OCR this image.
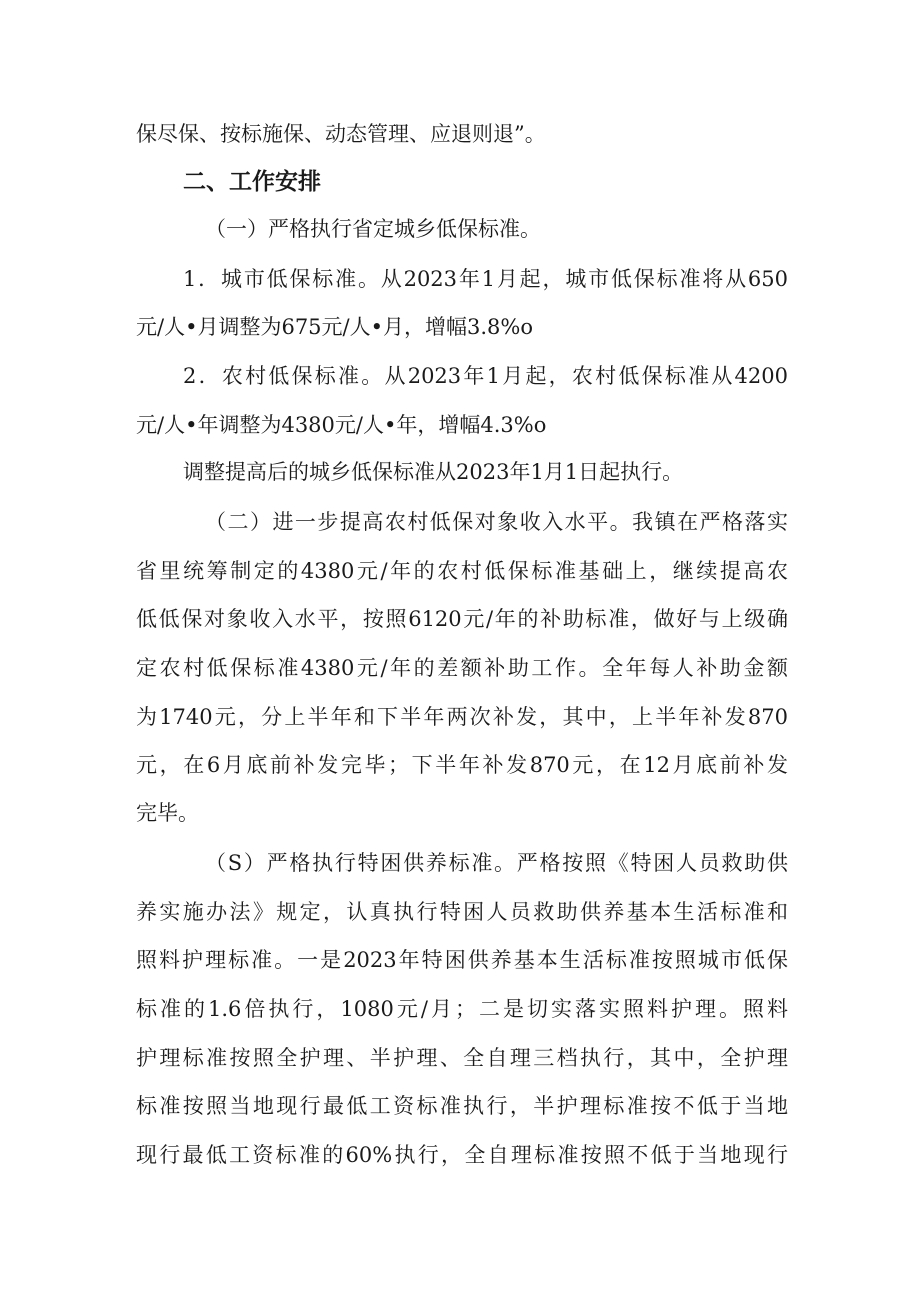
保尽保、按标施保、动态管理、应退则退”。
二、工作安排
（一）严格执行省定城乡低保标准。
1．城市低保标准。从2023年1月起，城市低保标准将从650
元/人•月调整为675元/人•月，增幅3.8%o
2．农村低保标准。从2023年1月起，农村低保标准从4200
元/人•年调整为4380元/人•年，增幅4.3%o
调整提高后的城乡低保标准从2023年1月1日起执行。
（二）进一步提高农村低保对象收入水平。我镇在严格落实
省里统筹制定的4380元/年的农村低保标准基础上，继续提高农
低低保对象收入水平，按照6120元/年的补助标准，做好与上级确
定农村低保标准4380元/年的差额补助工作。全年每人补助金额
为1740元，分上半年和下半年两次补发，其中，上半年补发870
元，在6月底前补发完毕；下半年补发870元，在12月底前补发
完毕。
（S）严格执行特困供养标准。严格按照《特困人员救助供
养实施办法》规定，认真执行特困人员救助供养基本生活标准和
照料护理标准。一是2023年特困供养基本生活标准按照城市低保
标准的1.6倍执行，1080元/月；二是切实落实照料护理。照料
护理标准按照全护理、半护理、全自理三档执行，其中，全护理
标准按照当地现行最低工资标准执行，半护理标准按不低于当地
现行最低工资标准的60%执行，全自理标准按照不低于当地现行
